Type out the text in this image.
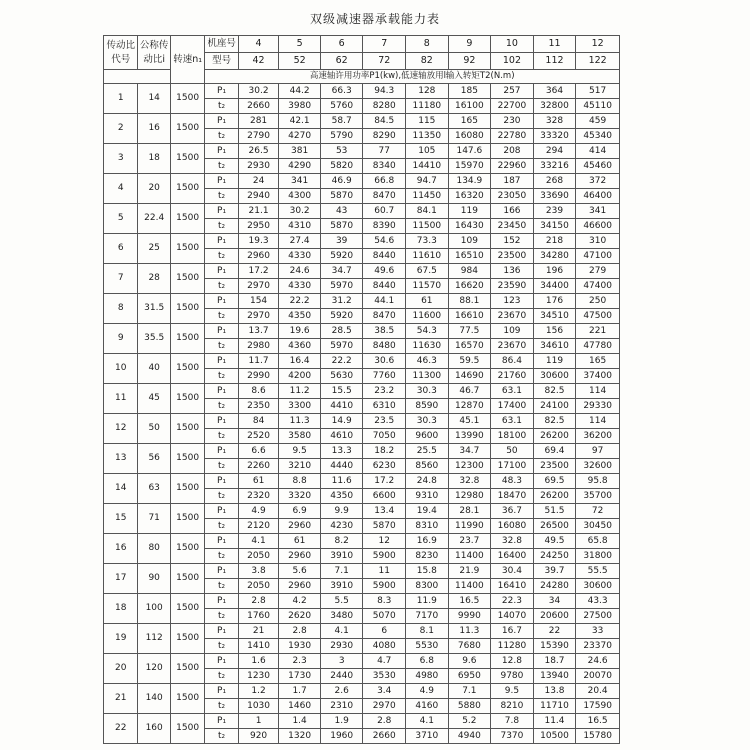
双级减速器承载能力表
传动比
代号	公称传
动比i	转速n₁	机座号	4	5	6	7	8	9	10	11	12
			型号	42	52	62	72	82	92	102	112	122
			高速轴许用功率P1(kw),低速轴放用l输入转矩T2(N.m)									
1	14	1500	P₁	30.2	44.2	66.3	94.3	128	185	257	364	517
			t₂	2660	3980	5760	8280	11180	16100	22700	32800	45110
2	16	1500	P₁	281	42.1	58.7	84.5	115	165	230	328	459
			t₂	2790	4270	5790	8290	11350	16080	22780	33320	45340
3	18	1500	P₁	26.5	381	53	77	105	147.6	208	294	414
			t₂	2930	4290	5820	8340	14410	15970	22960	33216	45460
4	20	1500	P₁	24	341	46.9	66.8	94.7	134.9	187	268	372
			t₂	2940	4300	5870	8470	11450	16320	23050	33690	46400
5	22.4	1500	P₁	21.1	30.2	43	60.7	84.1	119	166	239	341
			t₂	2950	4310	5870	8390	11500	16430	23450	34150	46600
6	25	1500	P₁	19.3	27.4	39	54.6	73.3	109	152	218	310
			t₂	2960	4330	5920	8440	11610	16510	23500	34280	47100
7	28	1500	P₁	17.2	24.6	34.7	49.6	67.5	984	136	196	279
			t₂	2970	4330	5970	8440	11570	16620	23590	34400	47400
8	31.5	1500	P₁	154	22.2	31.2	44.1	61	88.1	123	176	250
			t₂	2970	4350	5920	8470	11600	16610	23670	34510	47500
9	35.5	1500	P₁	13.7	19.6	28.5	38.5	54.3	77.5	109	156	221
			t₂	2980	4360	5970	8480	11630	16570	23670	34610	47780
10	40	1500	P₁	11.7	16.4	22.2	30.6	46.3	59.5	86.4	119	165
			t₂	2990	4200	5630	7760	11300	14690	21760	30600	37400
11	45	1500	P₁	8.6	11.2	15.5	23.2	30.3	46.7	63.1	82.5	114
			t₂	2350	3300	4410	6310	8590	12870	17400	24100	29330
12	50	1500	P₁	84	11.3	14.9	23.5	30.3	45.1	63.1	82.5	114
			t₂	2520	3580	4610	7050	9600	13990	18100	26200	36200
13	56	1500	P₁	6.6	9.5	13.3	18.2	25.5	34.7	50	69.4	97
			t₂	2260	3210	4440	6230	8560	12300	17100	23500	32600
14	63	1500	P₁	61	8.8	11.6	17.2	24.8	32.8	48.3	69.5	95.8
			t₂	2320	3320	4350	6600	9310	12980	18470	26200	35700
15	71	1500	P₁	4.9	6.9	9.9	13.4	19.4	28.1	36.7	51.5	72
			t₂	2120	2960	4230	5870	8310	11990	16080	26500	30450
16	80	1500	P₁	4.1	61	8.2	12	16.9	23.7	32.8	49.5	65.8
			t₂	2050	2960	3910	5900	8230	11400	16400	24250	31800
17	90	1500	P₁	3.8	5.6	7.1	11	15.8	21.9	30.4	39.7	55.5
			t₂	2050	2960	3910	5900	8300	11400	16410	24280	30600
18	100	1500	P₁	2.8	4.2	5.5	8.3	11.9	16.5	22.3	34	43.3
			t₂	1760	2620	3480	5070	7170	9990	14070	20600	27500
19	112	1500	P₁	21	2.8	4.1	6	8.1	11.3	16.7	22	33
			t₂	1410	1930	2930	4080	5530	7680	11280	15390	23370
20	120	1500	P₁	1.6	2.3	3	4.7	6.8	9.6	12.8	18.7	24.6
			t₂	1230	1730	2440	3530	4980	6950	9780	13940	20070
21	140	1500	P₁	1.2	1.7	2.6	3.4	4.9	7.1	9.5	13.8	20.4
			t₂	1030	1460	2310	2970	4160	5880	8210	11710	17590
22	160	1500	P₁	1	1.4	1.9	2.8	4.1	5.2	7.8	11.4	16.5
			t₂	920	1320	1960	2660	3710	4940	7370	10500	15780
